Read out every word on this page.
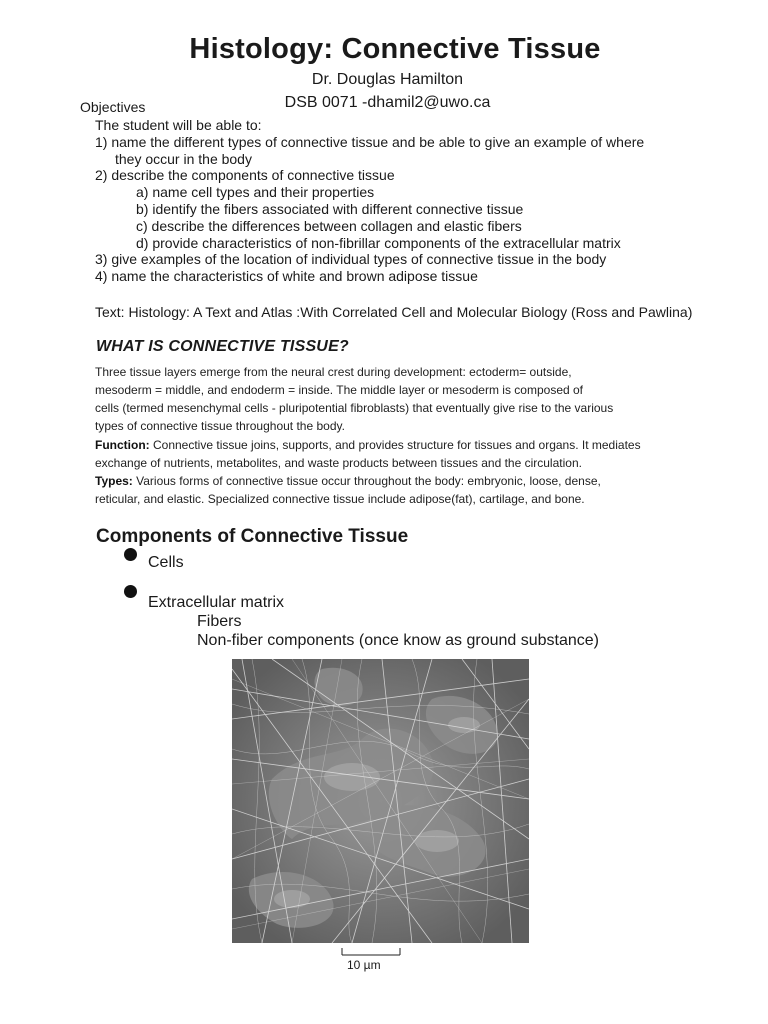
Histology: Connective Tissue
Dr. Douglas Hamilton
DSB 0071 -dhamil2@uwo.ca
Objectives
The student will be able to:
1) name the different types of connective tissue and be able to give an example of where
they occur in the body
2) describe the components of connective tissue
a) name cell types and their properties
b) identify the fibers associated with different connective tissue
c) describe the differences between collagen and elastic fibers
d) provide characteristics of non-fibrillar components of the extracellular matrix
3) give examples of the location of individual types of connective tissue in the body
4) name the characteristics of white and brown adipose tissue
Text: Histology: A Text and Atlas :With Correlated Cell and Molecular Biology (Ross and Pawlina)
WHAT IS CONNECTIVE TISSUE?
Three tissue layers emerge from the neural crest during development: ectoderm= outside,
mesoderm = middle, and endoderm = inside. The middle layer or mesoderm is composed of
cells (termed mesenchymal cells - pluripotential fibroblasts) that eventually give rise to the various
types of connective tissue throughout the body.
Function: Connective tissue joins, supports, and provides structure for tissues and organs. It mediates
exchange of nutrients, metabolites, and waste products between tissues and the circulation.
Types: Various forms of connective tissue occur throughout the body: embryonic, loose, dense,
reticular, and elastic. Specialized connective tissue include adipose(fat), cartilage, and bone.
Components of Connective Tissue
Cells
Extracellular matrix
Fibers
Non-fiber components (once know as ground substance)
10 µm
